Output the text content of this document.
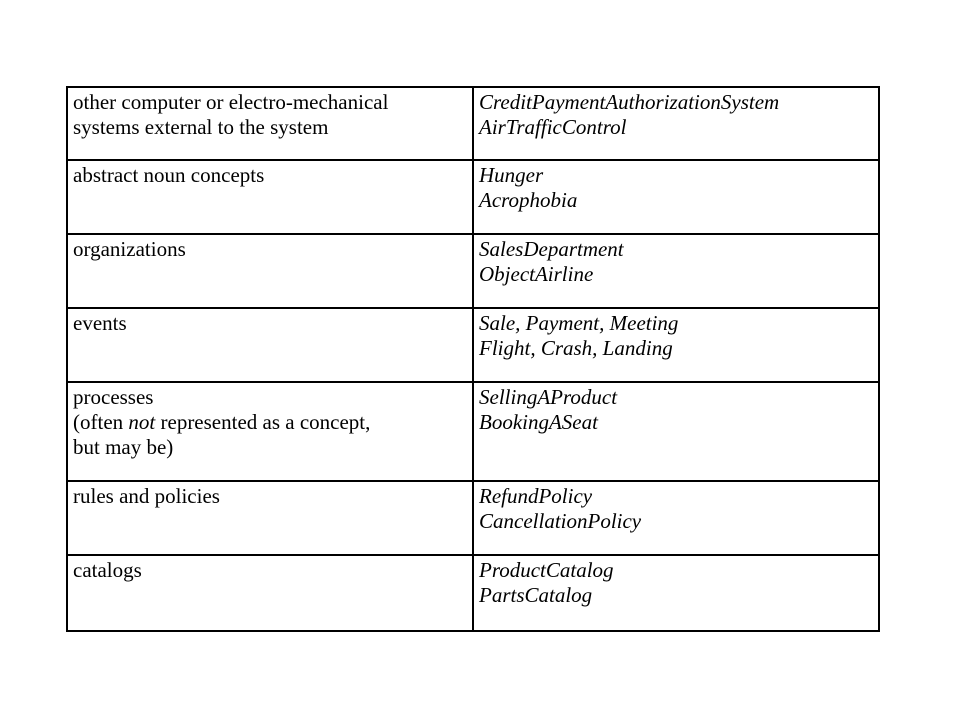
other computer or electro-mechanical
systems external to the system	CreditPaymentAuthorizationSystem
AirTrafficControl

abstract noun concepts	Hunger
Acrophobia

organizations	SalesDepartment
ObjectAirline

events	Sale, Payment, Meeting
Flight, Crash, Landing

processes
(often not represented as a concept,
but may be)	SellingAProduct
BookingASeat

rules and policies	RefundPolicy
CancellationPolicy

catalogs	ProductCatalog
PartsCatalog
